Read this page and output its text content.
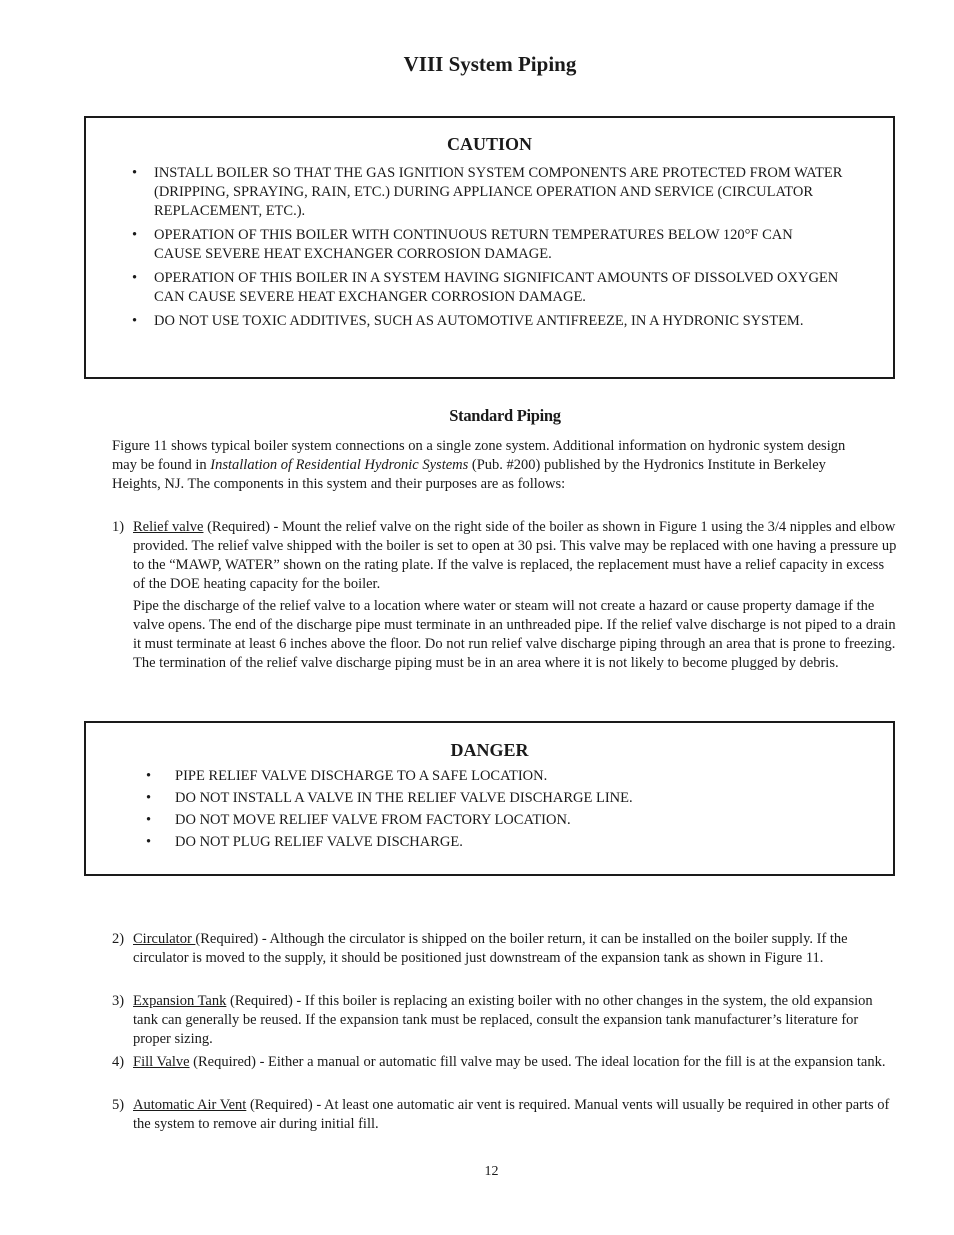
VIII System Piping
CAUTION
• INSTALL BOILER SO THAT THE GAS IGNITION SYSTEM COMPONENTS ARE PROTECTED FROM WATER (DRIPPING, SPRAYING, RAIN, ETC.) DURING APPLIANCE OPERATION AND SERVICE (CIRCULATOR REPLACEMENT, ETC.).
• OPERATION OF THIS BOILER WITH CONTINUOUS RETURN TEMPERATURES BELOW 120°F CAN CAUSE SEVERE HEAT EXCHANGER CORROSION DAMAGE.
• OPERATION OF THIS BOILER IN A SYSTEM HAVING SIGNIFICANT AMOUNTS OF DISSOLVED OXYGEN CAN CAUSE SEVERE HEAT EXCHANGER CORROSION DAMAGE.
• DO NOT USE TOXIC ADDITIVES, SUCH AS AUTOMOTIVE ANTIFREEZE, IN A HYDRONIC SYSTEM.
Standard Piping
Figure 11 shows typical boiler system connections on a single zone system. Additional information on hydronic system design may be found in Installation of Residential Hydronic Systems (Pub. #200) published by the Hydronics Institute in Berkeley Heights, NJ. The components in this system and their purposes are as follows:
1) Relief valve (Required) - Mount the relief valve on the right side of the boiler as shown in Figure 1 using the 3/4 nipples and elbow provided. The relief valve shipped with the boiler is set to open at 30 psi. This valve may be replaced with one having a pressure up to the “MAWP, WATER” shown on the rating plate. If the valve is replaced, the replacement must have a relief capacity in excess of the DOE heating capacity for the boiler.
Pipe the discharge of the relief valve to a location where water or steam will not create a hazard or cause property damage if the valve opens. The end of the discharge pipe must terminate in an unthreaded pipe. If the relief valve discharge is not piped to a drain it must terminate at least 6 inches above the floor. Do not run relief valve discharge piping through an area that is prone to freezing. The termination of the relief valve discharge piping must be in an area where it is not likely to become plugged by debris.
DANGER
• PIPE RELIEF VALVE DISCHARGE TO A SAFE LOCATION.
• DO NOT INSTALL A VALVE IN THE RELIEF VALVE DISCHARGE LINE.
• DO NOT MOVE RELIEF VALVE FROM FACTORY LOCATION.
• DO NOT PLUG RELIEF VALVE DISCHARGE.
2) Circulator (Required) - Although the circulator is shipped on the boiler return, it can be installed on the boiler supply. If the circulator is moved to the supply, it should be positioned just downstream of the expansion tank as shown in Figure 11.
3) Expansion Tank (Required) - If this boiler is replacing an existing boiler with no other changes in the system, the old expansion tank can generally be reused. If the expansion tank must be replaced, consult the expansion tank manufacturer’s literature for proper sizing.
4) Fill Valve (Required) - Either a manual or automatic fill valve may be used. The ideal location for the fill is at the expansion tank.
5) Automatic Air Vent (Required) - At least one automatic air vent is required. Manual vents will usually be required in other parts of the system to remove air during initial fill.
12
